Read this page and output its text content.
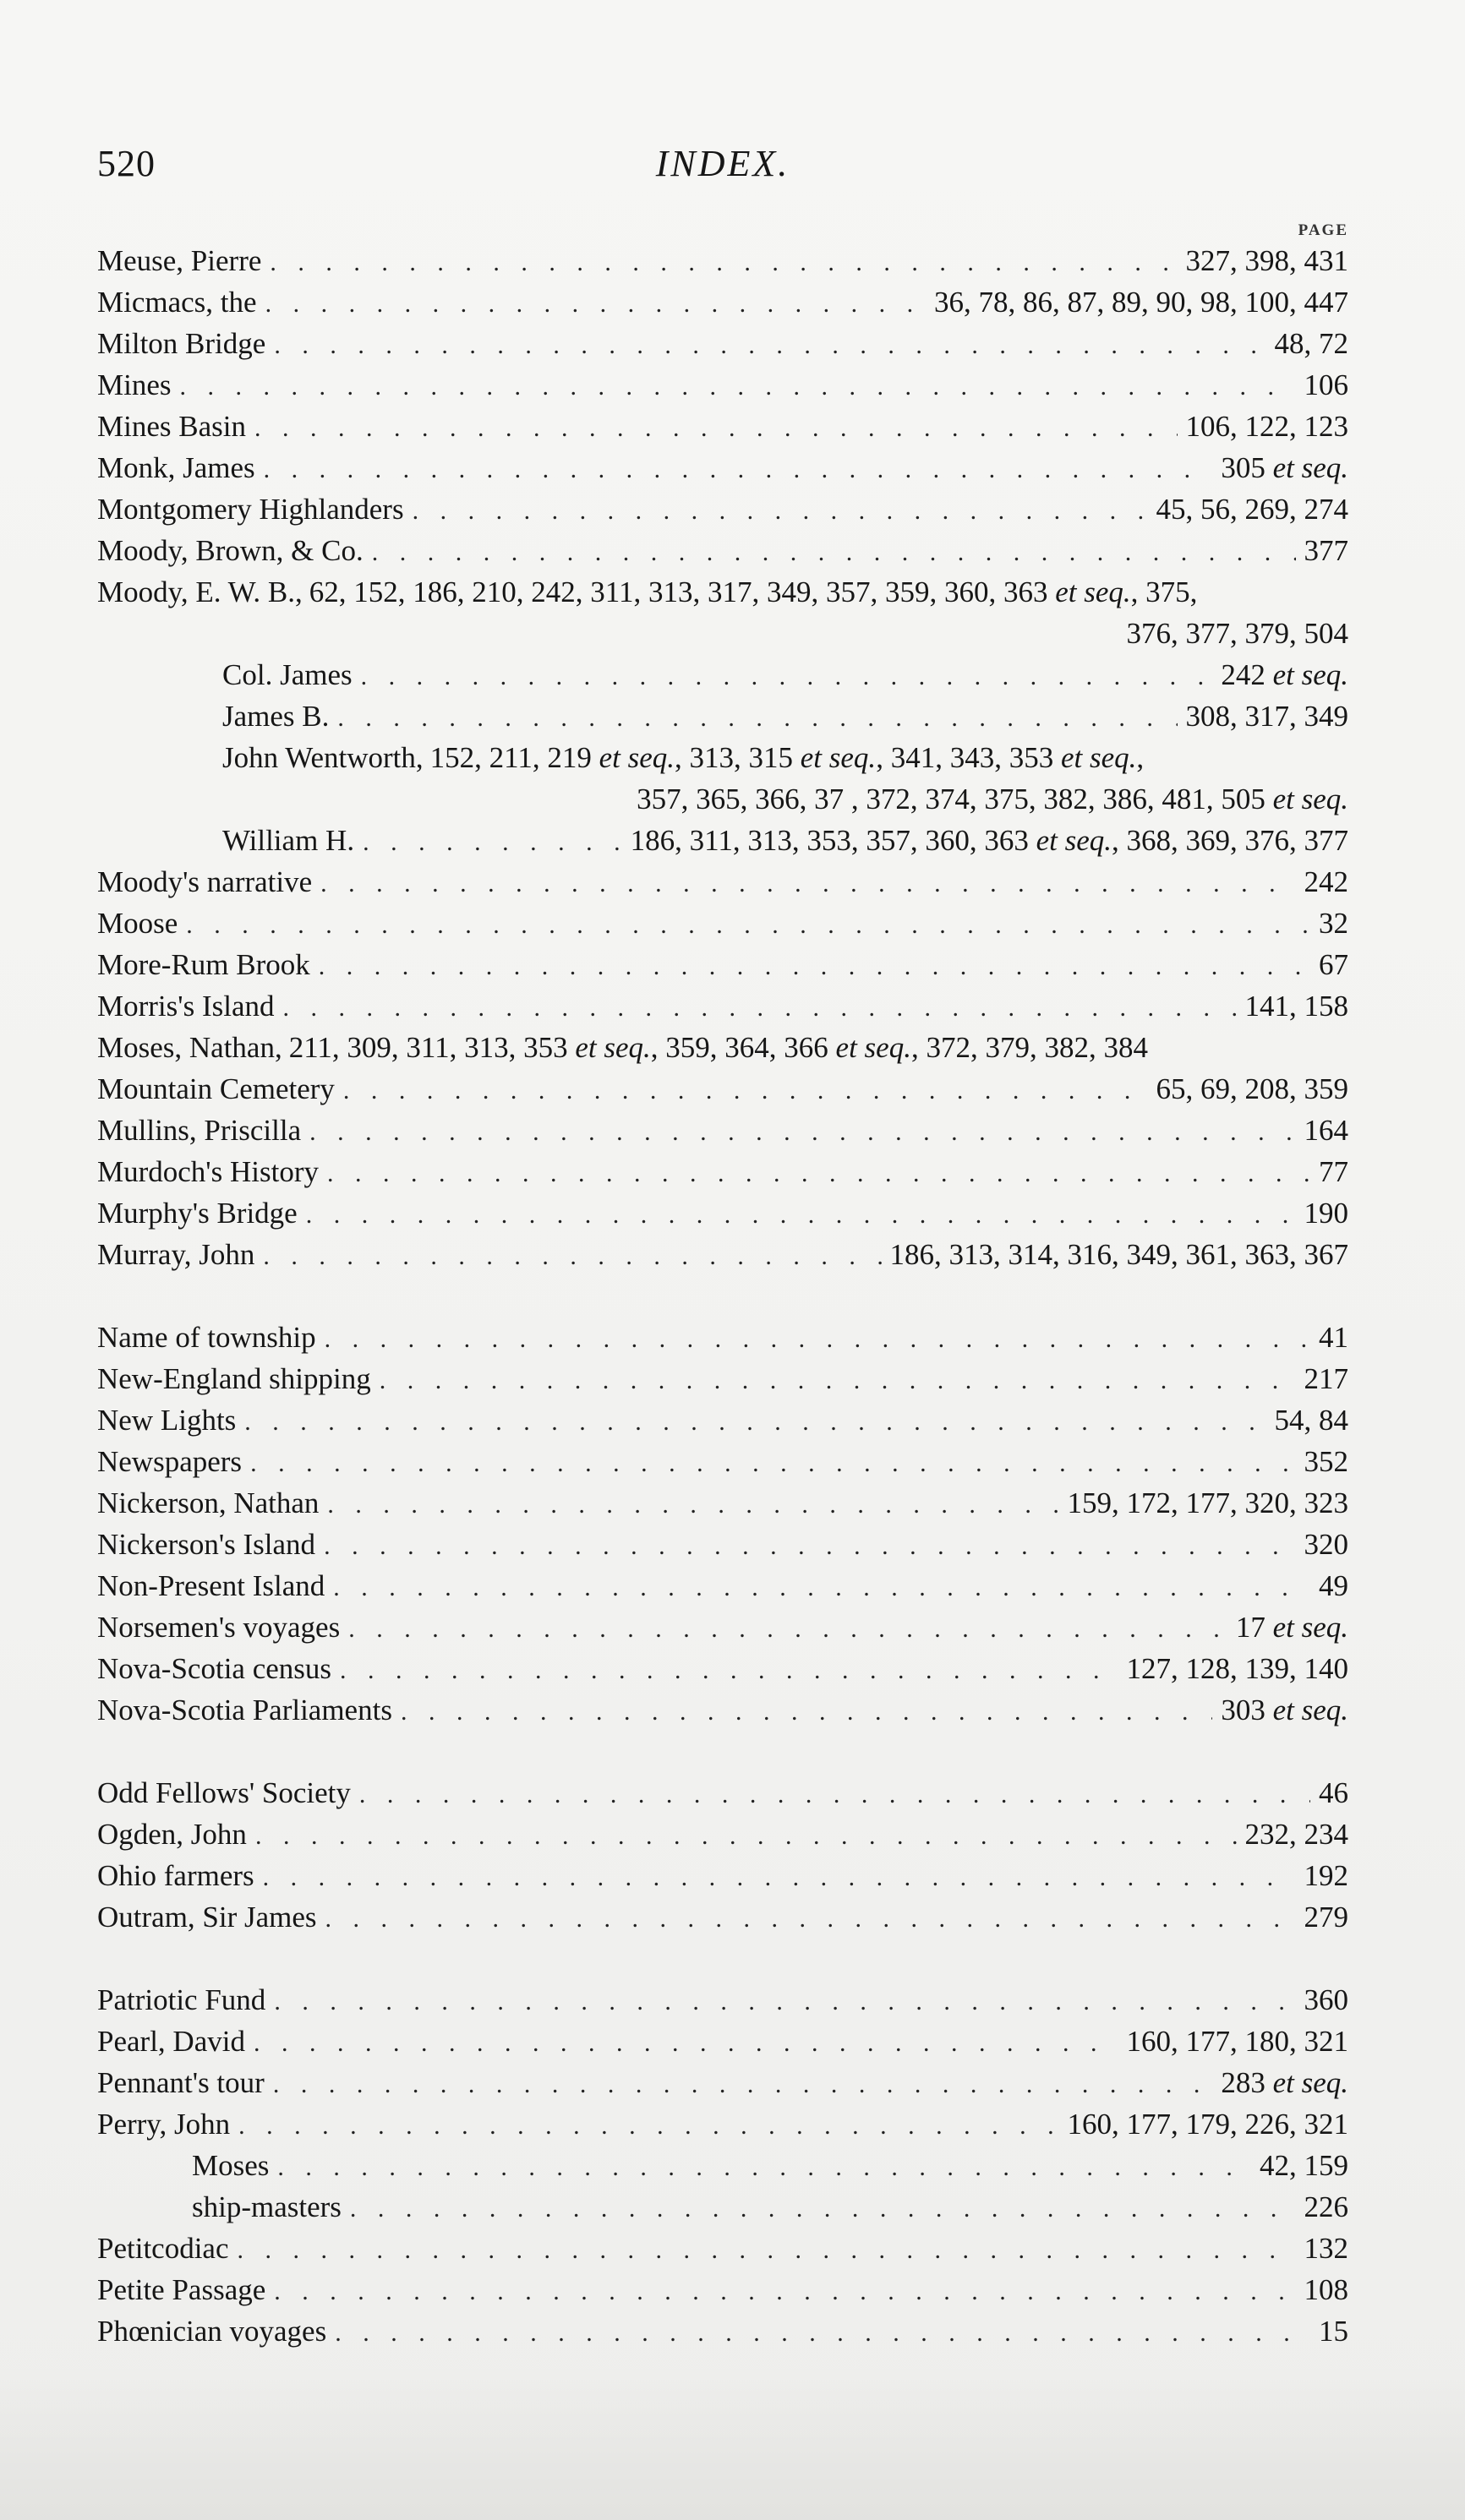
520	INDEX.
PAGE
Meuse, Pierre . . .	327, 398, 431
Micmacs, the . . .	36, 78, 86, 87, 89, 90, 98, 100, 447
Milton Bridge . . .	48, 72
Mines . . .	106
Mines Basin . . .	106, 122, 123
Monk, James . . .	305 et seq.
Montgomery Highlanders . . .	45, 56, 269, 274
Moody, Brown, & Co. . . .	377
Moody, E. W. B., 62, 152, 186, 210, 242, 311, 313, 317, 349, 357, 359, 360, 363 et seq., 375,
376, 377, 379, 504
Col. James . . .	242 et seq.
James B. . . .	308, 317, 349
John Wentworth, 152, 211, 219 et seq., 313, 315 et seq., 341, 343, 353 et seq.,
357, 365, 366, 37 , 372, 374, 375, 382, 386, 481, 505 et seq.
William H. . . .	186, 311, 313, 353, 357, 360, 363 et seq., 368, 369, 376, 377
Moody's narrative . . .	242
Moose . . .	32
More-Rum Brook . . .	67
Morris's Island . . .	141, 158
Moses, Nathan, 211, 309, 311, 313, 353 et seq., 359, 364, 366 et seq., 372, 379, 382, 384
Mountain Cemetery . . .	65, 69, 208, 359
Mullins, Priscilla . . .	164
Murdoch's History . . .	77
Murphy's Bridge . . .	190
Murray, John . . .	186, 313, 314, 316, 349, 361, 363, 367
Name of township . . .	41
New-England shipping . . .	217
New Lights . . .	54, 84
Newspapers . . .	352
Nickerson, Nathan . . .	159, 172, 177, 320, 323
Nickerson's Island . . .	320
Non-Present Island . . .	49
Norsemen's voyages . . .	17 et seq.
Nova-Scotia census . . .	127, 128, 139, 140
Nova-Scotia Parliaments . . .	303 et seq.
Odd Fellows' Society . . .	46
Ogden, John . . .	232, 234
Ohio farmers . . .	192
Outram, Sir James . . .	279
Patriotic Fund . . .	360
Pearl, David . . .	160, 177, 180, 321
Pennant's tour . . .	283 et seq.
Perry, John . . .	160, 177, 179, 226, 321
Moses . . .	42, 159
ship-masters . . .	226
Petitcodiac . . .	132
Petite Passage . . .	108
Phœnician voyages . . .	15
